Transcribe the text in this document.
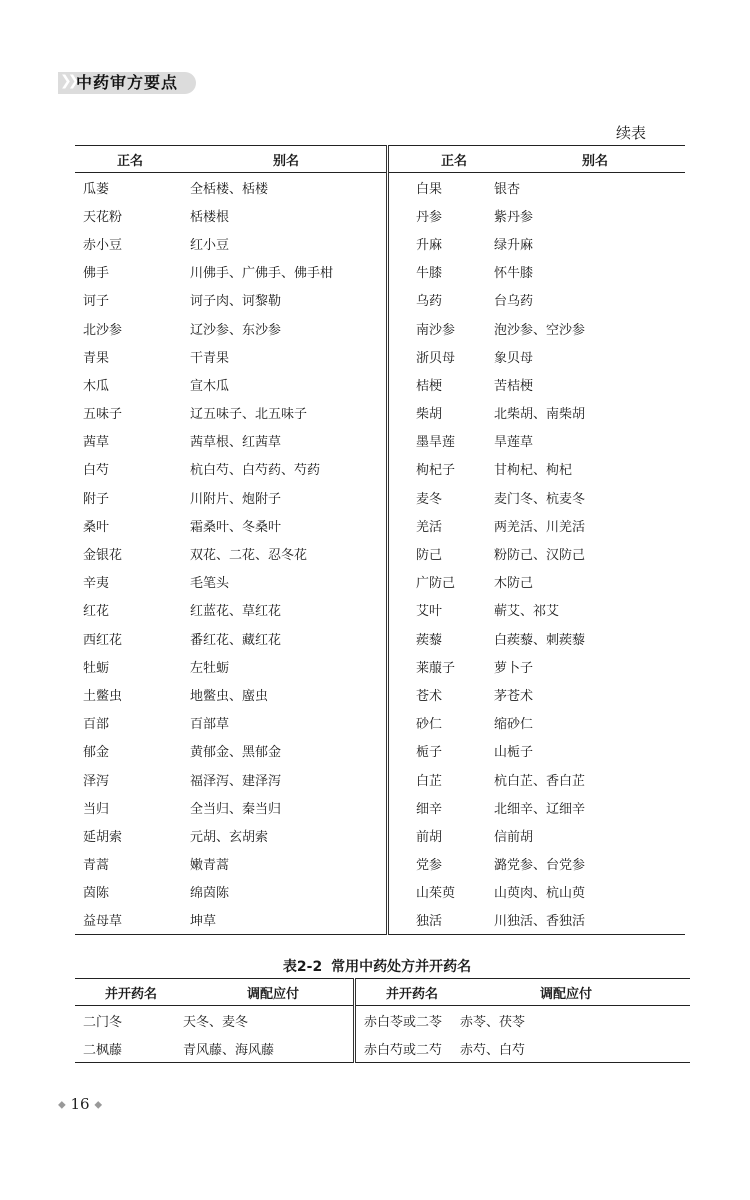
❯❯ 中药审方要点
续表
正名	别名	正名	别名
瓜蒌	全栝楼、栝楼	白果	银杏
天花粉	栝楼根	丹参	紫丹参
赤小豆	红小豆	升麻	绿升麻
佛手	川佛手、广佛手、佛手柑	牛膝	怀牛膝
诃子	诃子肉、诃黎勒	乌药	台乌药
北沙参	辽沙参、东沙参	南沙参	泡沙参、空沙参
青果	干青果	浙贝母	象贝母
木瓜	宣木瓜	桔梗	苦桔梗
五味子	辽五味子、北五味子	柴胡	北柴胡、南柴胡
茜草	茜草根、红茜草	墨旱莲	旱莲草
白芍	杭白芍、白芍药、芍药	枸杞子	甘枸杞、枸杞
附子	川附片、炮附子	麦冬	麦门冬、杭麦冬
桑叶	霜桑叶、冬桑叶	羌活	两羌活、川羌活
金银花	双花、二花、忍冬花	防己	粉防己、汉防己
辛夷	毛笔头	广防己	木防己
红花	红蓝花、草红花	艾叶	蕲艾、祁艾
西红花	番红花、藏红花	蒺藜	白蒺藜、刺蒺藜
牡蛎	左牡蛎	莱菔子	萝卜子
土鳖虫	地鳖虫、䗪虫	苍术	茅苍术
百部	百部草	砂仁	缩砂仁
郁金	黄郁金、黑郁金	栀子	山栀子
泽泻	福泽泻、建泽泻	白芷	杭白芷、香白芷
当归	全当归、秦当归	细辛	北细辛、辽细辛
延胡索	元胡、玄胡索	前胡	信前胡
青蒿	嫩青蒿	党参	潞党参、台党参
茵陈	绵茵陈	山茱萸	山萸肉、杭山萸
益母草	坤草	独活	川独活、香独活
表2-2 常用中药处方并开药名
并开药名	调配应付	并开药名	调配应付
二门冬	天冬、麦冬	赤白苓或二苓	赤苓、茯苓
二枫藤	青风藤、海风藤	赤白芍或二芍	赤芍、白芍
◆ 16 ◆
